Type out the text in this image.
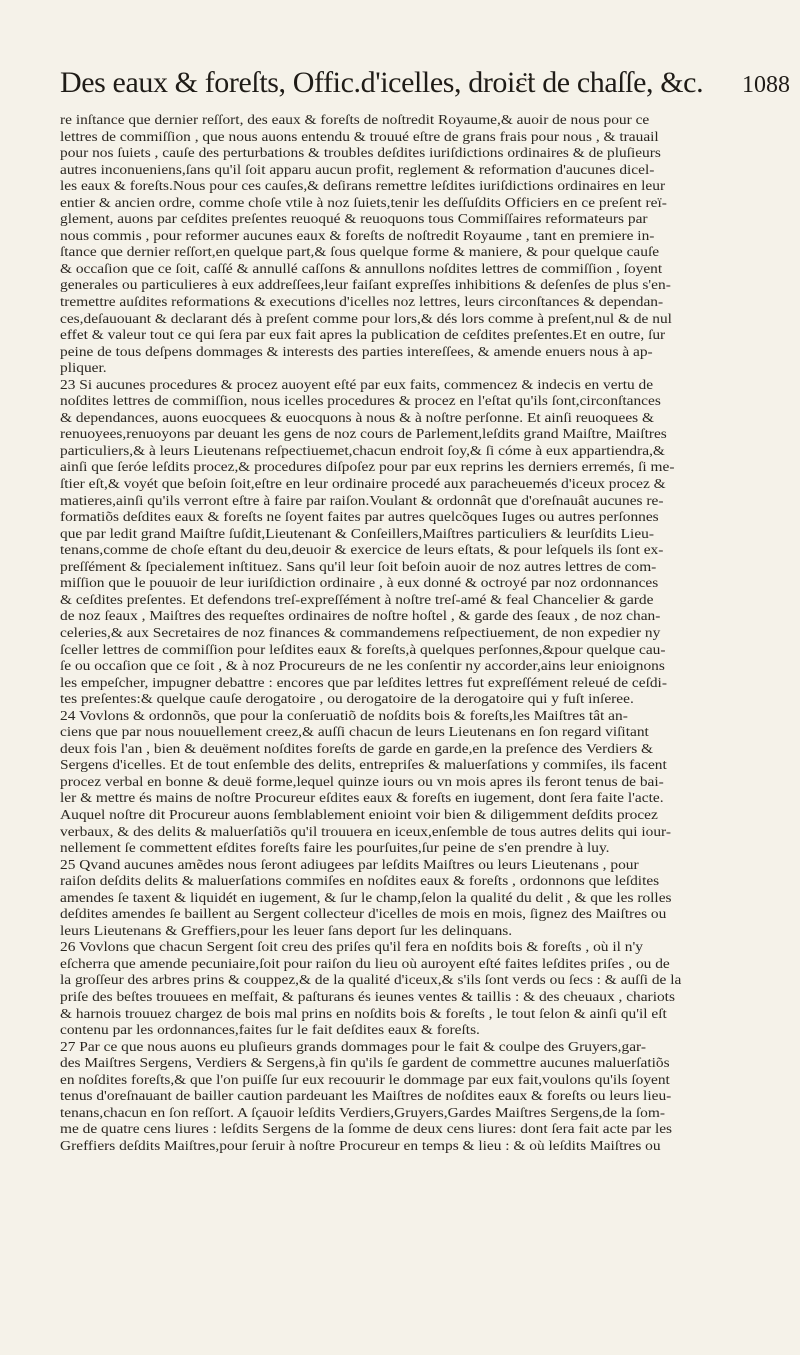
Des eaux & foreſts, Offic.d'icelles, droiɛ̈t de chaſſe, &c. 1088
re inſtance que dernier reſſort, des eaux & foreſts de noſtredit Royaume,& auoir de nous pour ce
lettres de commiſſion , que nous auons entendu & trouué eſtre de grans frais pour nous , & trauail
pour nos ſuiets , cauſe des perturbations & troubles deſdites iuriſdictions ordinaires & de pluſieurs
autres inconueniens,ſans qu'il ſoit apparu aucun profit, reglement & reformation d'aucunes dicel-
les eaux & foreſts.Nous pour ces cauſes,& deſirans remettre leſdites iuriſdictions ordinaires en leur
entier & ancien ordre, comme choſe vtile à noz ſuiets,tenir les deſſuſdits Officiers en ce preſent reï-
glement, auons par ceſdites preſentes reuoqué & reuoquons tous Commiſſaires reformateurs par
nous commis , pour reformer aucunes eaux & foreſts de noſtredit Royaume , tant en premiere in-
ſtance que dernier reſſort,en quelque part,& ſous quelque forme & maniere, & pour quelque cauſe
& occaſion que ce ſoit, caſſé & annullé caſſons & annullons noſdites lettres de commiſſion , ſoyent
generales ou particulieres à eux addreſſees,leur faiſant expreſſes inhibitions & deſenſes de plus s'en-
tremettre auſdites reformations & executions d'icelles noz lettres, leurs circonſtances & dependan-
ces,deſauouant & declarant dés à preſent comme pour lors,& dés lors comme à preſent,nul & de nul
effet & valeur tout ce qui ſera par eux fait apres la publication de ceſdites preſentes.Et en outre, ſur
peine de tous deſpens dommages & interests des parties intereſſees, & amende enuers nous à ap-
pliquer.
23 Si aucunes procedures & procez auoyent eſté par eux faits, commencez & indecis en vertu de
noſdites lettres de commiſſion, nous icelles procedures & procez en l'eſtat qu'ils ſont,circonſtances
& dependances, auons euocquees & euocquons à nous & à noſtre perſonne. Et ainſi reuoquees &
renuoyees,renuoyons par deuant les gens de noz cours de Parlement,leſdits grand Maiſtre, Maiſtres
particuliers,& à leurs Lieutenans reſpectiuemet,chacun endroit ſoy,& ſi cóme à eux appartiendra,&
ainſi que ſeróe leſdits procez,& procedures diſpoſez pour par eux reprins les derniers erremés, ſi me-
ſtier eſt,& voyét que beſoin ſoit,eſtre en leur ordinaire procedé aux paracheuemés d'iceux procez &
matieres,ainſi qu'ils verront eſtre à faire par raiſon.Voulant & ordonnât que d'oreſnauât aucunes re-
formatiõs deſdites eaux & foreſts ne ſoyent faites par autres quelcõques Iuges ou autres perſonnes
que par ledit grand Maiſtre ſuſdit,Lieutenant & Conſeillers,Maiſtres particuliers & leurſdits Lieu-
tenans,comme de choſe eſtant du deu,deuoir & exercice de leurs eſtats, & pour leſquels ils ſont ex-
preſſément & ſpecialement inſtituez. Sans qu'il leur ſoit beſoin auoir de noz autres lettres de com-
miſſion que le pouuoir de leur iuriſdiction ordinaire , à eux donné & octroyé par noz ordonnances
& ceſdites preſentes. Et defendons treſ-expreſſément à noſtre treſ-amé & feal Chancelier & garde
de noz ſeaux , Maiſtres des requeſtes ordinaires de noſtre hoſtel , & garde des ſeaux , de noz chan-
celeries,& aux Secretaires de noz finances & commandemens reſpectiuement, de non expedier ny
ſceller lettres de commiſſion pour leſdites eaux & foreſts,à quelques perſonnes,&pour quelque cau-
ſe ou occaſion que ce ſoit , & à noz Procureurs de ne les conſentir ny accorder,ains leur enioignons
les empeſcher, impugner debattre : encores que par leſdites lettres fut expreſſément releué de ceſdi-
tes preſentes:& quelque cauſe derogatoire , ou derogatoire de la derogatoire qui y fuſt inſeree.
24 Vovlons & ordonnõs, que pour la conſeruatiõ de noſdits bois & foreſts,les Maiſtres tât an-
ciens que par nous nouuellement creez,& auſſi chacun de leurs Lieutenans en ſon regard viſitant
deux fois l'an , bien & deuëment noſdites foreſts de garde en garde,en la preſence des Verdiers &
Sergens d'icelles. Et de tout enſemble des delits, entrepriſes & maluerſations y commiſes, ils facent
procez verbal en bonne & deuë forme,lequel quinze iours ou vn mois apres ils feront tenus de bai-
ler & mettre és mains de noſtre Procureur eſdites eaux & foreſts en iugement, dont ſera faite l'acte.
Auquel noſtre dit Procureur auons ſemblablement enioint voir bien & diligemment deſdits procez
verbaux, & des delits & maluerſatiõs qu'il trouuera en iceux,enſemble de tous autres delits qui iour-
nellement ſe commettent eſdites foreſts faire les pourſuites,ſur peine de s'en prendre à luy.
25 Qvand aucunes amẽdes nous ſeront adiugees par leſdits Maiſtres ou leurs Lieutenans , pour
raiſon deſdits delits & maluerſations commiſes en noſdites eaux & foreſts , ordonnons que leſdites
amendes ſe taxent & liquidét en iugement, & ſur le champ,ſelon la qualité du delit , & que les rolles
deſdites amendes ſe baillent au Sergent collecteur d'icelles de mois en mois, ſignez des Maiſtres ou
leurs Lieutenans & Greffiers,pour les leuer ſans deport ſur les delinquans.
26 Vovlons que chacun Sergent ſoit creu des priſes qu'il fera en noſdits bois & foreſts , où il n'y
eſcherra que amende pecuniaire,ſoit pour raiſon du lieu où auroyent eſté faites leſdites priſes , ou de
la groſſeur des arbres prins & couppez,& de la qualité d'iceux,& s'ils ſont verds ou ſecs : & auſſi de la
priſe des beſtes trouuees en meſfait, & paſturans és ieunes ventes & taillis : & des cheuaux , chariots
& harnois trouuez chargez de bois mal prins en noſdits bois & foreſts , le tout ſelon & ainſi qu'il eſt
contenu par les ordonnances,faites ſur le fait deſdites eaux & foreſts.
27 Par ce que nous auons eu pluſieurs grands dommages pour le fait & coulpe des Gruyers,gar-
des Maiſtres Sergens, Verdiers & Sergens,à fin qu'ils ſe gardent de commettre aucunes maluerſatiõs
en noſdites foreſts,& que l'on puiſſe ſur eux recouurir le dommage par eux fait,voulons qu'ils ſoyent
tenus d'oreſnauant de bailler caution pardeuant les Maiſtres de noſdites eaux & foreſts ou leurs lieu-
tenans,chacun en ſon reſſort. A ſçauoir leſdits Verdiers,Gruyers,Gardes Maiſtres Sergens,de la ſom-
me de quatre cens liures : leſdits Sergens de la ſomme de deux cens liures: dont ſera fait acte par les
Greffiers deſdits Maiſtres,pour ſeruir à noſtre Procureur en temps & lieu : & où leſdits Maiſtres ou
